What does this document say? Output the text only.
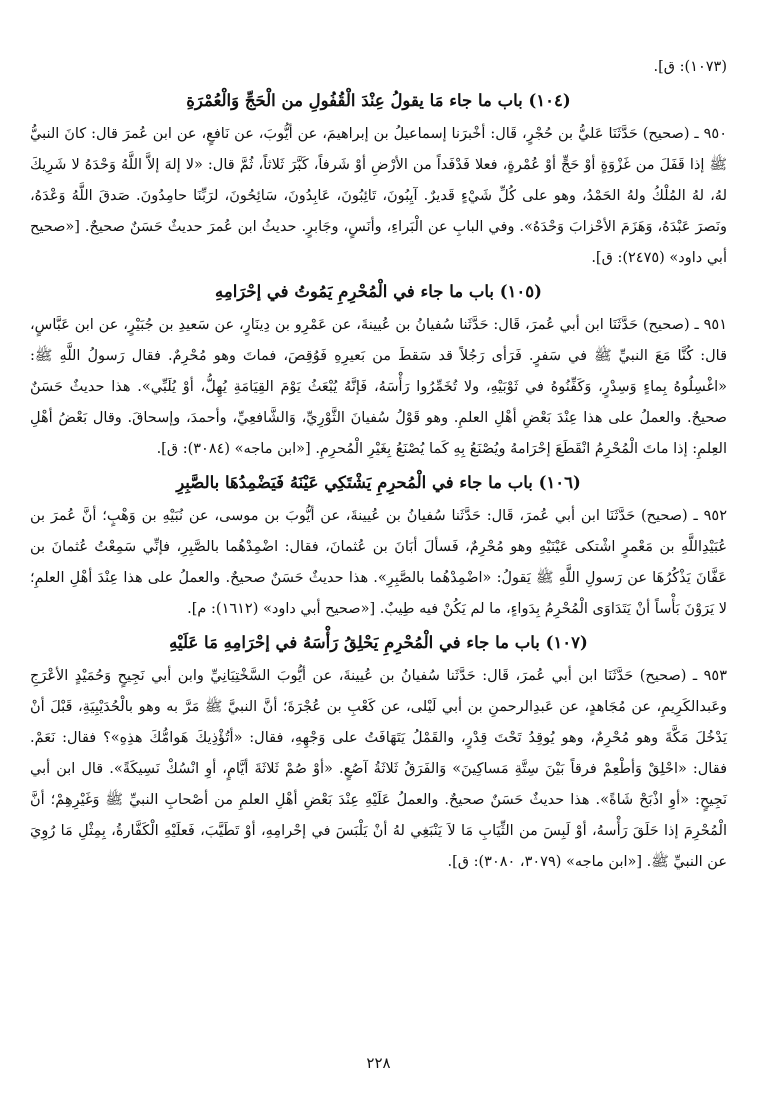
(١٠٧٣): ق].

(١٠٤) باب ما جاء مَا يقولُ عِنْدَ الْقُفُولِ من الْحَجِّ وَالْعُمْرَةِ

٩٥٠ ـ (صحيح) حَدَّثَنَا عَليُّ بن حُجْرٍ، قَال: أخْبرَنا إسماعيلُ بن إبراهيمَ، عن أيُّوبَ، عن نَافعٍ، عن ابن عُمرَ قال: كانَ النبيُّ ﷺ إذا قَفَلَ من غَزْوَةٍ أوْ حَجٍّ أوْ عُمْرةٍ، فعلا فَدْفَداً من الأرْضِ أوْ شَرفاً، كَبَّرَ ثَلاثاً، ثُمَّ قال: «لا إلهَ إلاَّ اللَّهُ وَحْدَهُ لا شَرِيكَ لهُ، لهُ المُلْكُ ولهُ الحَمْدُ، وهو على كُلِّ شَيْءٍ قَديرٌ. آيِبُونَ، تَائِبُونَ، عَابِدُونَ، سَائِحُونَ، لرَبِّنَا حامِدُونَ. صَدقَ اللَّهُ وَعْدَهُ، ونَصرَ عَبْدَهُ، وَهَزَمَ الأحْزابَ وَحْدَهُ». وفي البابِ عن الْبَراءِ، وأنَسٍ، وجَابرٍ. حديثُ ابن عُمرَ حديثٌ حَسَنٌ صحيحٌ. [«صحيح أبي داود» (٢٤٧٥): ق].

(١٠٥) باب ما جاء في الْمُحْرِمِ يَمُوتُ في إحْرَامِهِ

٩٥١ ـ (صحيح) حَدَّثَنَا ابن أبي عُمرَ، قَال: حَدَّثَنا سُفيانُ بن عُيينةَ، عن عَمْرِو بن دِينَارٍ، عن سَعيدِ بن جُبَيْرٍ، عن ابن عَبَّاسٍ، قال: كُنَّا مَعَ النبيِّ ﷺ في سَفرٍ. فَرَأى رَجُلاً قد سَقطَ من بَعيرِهِ فَوُقِصَ، فماتَ وهو مُحْرِمٌ. فقال رَسولُ اللَّهِ ﷺ: «اغْسِلُوهُ بِماءٍ وَسِدْرٍ، وَكَفِّنُوهُ في ثَوْبَيْهِ، ولا تُخَمِّرُوا رَأْسَهُ، فَإنَّهُ يُبْعَثُ يَوْمَ القِيَامَةِ يُهِلُّ، أوْ يُلَبِّي». هذا حديثٌ حَسَنٌ صحيحٌ. والعملُ على هذا عِنْدَ بَعْضِ أهْلِ العلمِ. وهو قَوْلُ سُفيانَ الثَّوْرِيِّ، وَالشَّافعِيِّ، وأحمدَ، وإسحاقَ. وقال بَعْضُ أهْلِ العِلمِ: إذا ماتَ الْمُحْرِمُ انْقَطَعَ إحْرَامهُ ويُصْنَعُ بِهِ كَما يُصْنَعُ بِغَيْرِ الْمُحرِمِ. [«ابن ماجه» (٣٠٨٤): ق].

(١٠٦) باب ما جاء في الْمُحرِمِ يَشْتَكِي عَيْنَهُ فَيَضْمِدُهَا بالصَّبِرِ

٩٥٢ ـ (صحيح) حَدَّثَنَا ابن أبي عُمرَ، قَال: حَدَّثَنا سُفيانُ بن عُيينةَ، عن أيُّوبَ بن موسى، عن نُبَيْهِ بن وَهْبٍ؛ أنَّ عُمرَ بن عُبَيْدِاللَّهِ بن مَعْمرٍ اشْتكى عَيْنَيْهِ وهو مُحْرِمٌ، فَسألَ أبَانَ بن عُثمانَ، فقال: اضْمِدْهُما بالصَّبِرِ، فإنِّي سَمِعْتُ عُثمانَ بن عَفَّانَ يَذْكُرُهَا عن رَسولِ اللَّهِ ﷺ يَقولُ: «اضْمِدْهُما بالصَّبِرِ». هذا حديثٌ حَسَنٌ صحيحٌ. والعملُ على هذا عِنْدَ أهْلِ العلمِ؛ لا يَرَوْنَ بَأْساً أنْ يَتَدَاوَى الْمُحْرِمُ بِدَواءٍ، ما لم يَكُنْ فيه طِيبٌ. [«صحيح أبي داود» (١٦١٢): م].

(١٠٧) باب ما جاء في الْمُحْرِمِ يَحْلِقُ رَأْسَهُ في إحْرَامِهِ مَا عَلَيْهِ

٩٥٣ ـ (صحيح) حَدَّثَنَا ابن أبي عُمرَ، قَال: حَدَّثَنا سُفيانُ بن عُيينةَ، عن أيُّوبَ السَّخْتِيَانِيِّ وابن أبي نَجِيحٍ وَحُمَيْدٍ الأعْرَجِ وعَبدالكَرِيمِ، عن مُجَاهدٍ، عن عَبدِالرحمنِ بن أبي لَيْلى، عن كَعْبِ بن عُجْرَةَ؛ أنَّ النبيَّ ﷺ مَرَّ به وهو بالْحُدَيْبِيَةِ، قَبْلَ أنْ يَدْخُلَ مَكَّةَ وهو مُحْرِمٌ، وهو يُوقِدُ تَحْتَ قِدْرٍ، والقَمْلُ يَتَهَافَتُ على وَجْهِهِ، فقال: «أتُؤْذِيكَ هَوامُّكَ هذِهِ»؟ فقال: نَعَمْ. فقال: «احْلِقْ وَأطْعِمْ فرقاً بَيْنَ سِتَّةِ مَساكِينَ» وَالفَرَقُ ثَلاثَةُ آصُعٍ. «أوْ صُمْ ثَلاثَةَ أيَّامٍ، أوِ انْسُكْ نَسِيكَةً». قال ابن أبي نَجِيحٍ: «أوِ اذْبَحْ شَاةً». هذا حديثٌ حَسَنٌ صحيحٌ. والعملُ عَلَيْهِ عِنْدَ بَعْضِ أهْلِ العلمِ من أصْحابِ النبيِّ ﷺ وَغَيْرِهِمْ؛ أنَّ الْمُحْرِمَ إذا حَلَقَ رَأْسهُ، أوْ لَبِسَ من الثِّيَابِ مَا لاَ يَنْبَغِي لهُ أنْ يَلْبَسَ في إحْرامِهِ، أوْ تَطَيَّبَ، فَعلَيْهِ الْكَفَّارةُ، بِمِثْلِ مَا رُوِيَ عن النبيِّ ﷺ. [«ابن ماجه» (٣٠٧٩، ٣٠٨٠): ق].

٢٢٨
